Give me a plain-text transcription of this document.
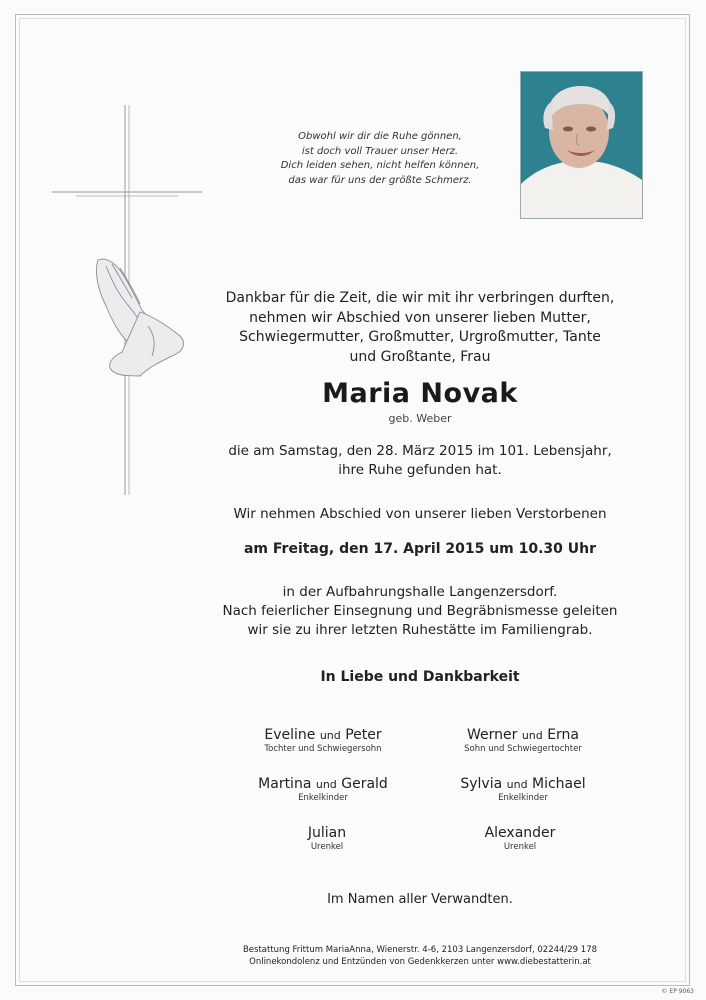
Obwohl wir dir die Ruhe gönnen,
ist doch voll Trauer unser Herz.
Dich leiden sehen, nicht helfen können,
das war für uns der größte Schmerz.
Dankbar für die Zeit, die wir mit ihr verbringen durften,
nehmen wir Abschied von unserer lieben Mutter,
Schwiegermutter, Großmutter, Urgroßmutter, Tante
und Großtante, Frau
Maria Novak
geb. Weber
die am Samstag, den 28. März 2015 im 101. Lebensjahr,
ihre Ruhe gefunden hat.
Wir nehmen Abschied von unserer lieben Verstorbenen
am Freitag, den 17. April 2015 um 10.30 Uhr
in der Aufbahrungshalle Langenzersdorf.
Nach feierlicher Einsegnung und Begräbnismesse geleiten
wir sie zu ihrer letzten Ruhestätte im Familiengrab.
In Liebe und Dankbarkeit
Eveline und Peter
Tochter und Schwiegersohn
Werner und Erna
Sohn und Schwiegertochter
Martina und Gerald
Enkelkinder
Sylvia und Michael
Enkelkinder
Julian
Urenkel
Alexander
Urenkel
Im Namen aller Verwandten.
Bestattung Frittum MariaAnna, Wienerstr. 4-6, 2103 Langenzersdorf, 02244/29 178
Onlinekondolenz und Entzünden von Gedenkkerzen unter www.diebestatterin.at
© EP 9063
